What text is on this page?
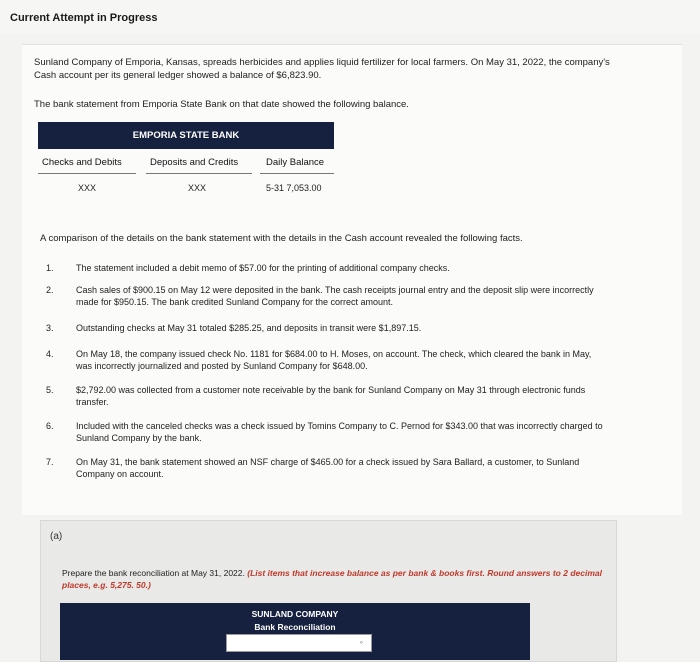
Current Attempt in Progress
Sunland Company of Emporia, Kansas, spreads herbicides and applies liquid fertilizer for local farmers. On May 31, 2022, the company's Cash account per its general ledger showed a balance of $6,823.90.
The bank statement from Emporia State Bank on that date showed the following balance.
EMPORIA STATE BANK
Checks and Debits	Deposits and Credits	Daily Balance
XXX	XXX	5-31 7,053.00
A comparison of the details on the bank statement with the details in the Cash account revealed the following facts.
1. The statement included a debit memo of $57.00 for the printing of additional company checks.
2. Cash sales of $900.15 on May 12 were deposited in the bank. The cash receipts journal entry and the deposit slip were incorrectly made for $950.15. The bank credited Sunland Company for the correct amount.
3. Outstanding checks at May 31 totaled $285.25, and deposits in transit were $1,897.15.
4. On May 18, the company issued check No. 1181 for $684.00 to H. Moses, on account. The check, which cleared the bank in May, was incorrectly journalized and posted by Sunland Company for $648.00.
5. $2,792.00 was collected from a customer note receivable by the bank for Sunland Company on May 31 through electronic funds transfer.
6. Included with the canceled checks was a check issued by Tomins Company to C. Pernod for $343.00 that was incorrectly charged to Sunland Company by the bank.
7. On May 31, the bank statement showed an NSF charge of $465.00 for a check issued by Sara Ballard, a customer, to Sunland Company on account.
(a)
Prepare the bank reconciliation at May 31, 2022. (List items that increase balance as per bank & books first. Round answers to 2 decimal places, e.g. 5,275. 50.)
SUNLAND COMPANY
Bank Reconciliation
◦
